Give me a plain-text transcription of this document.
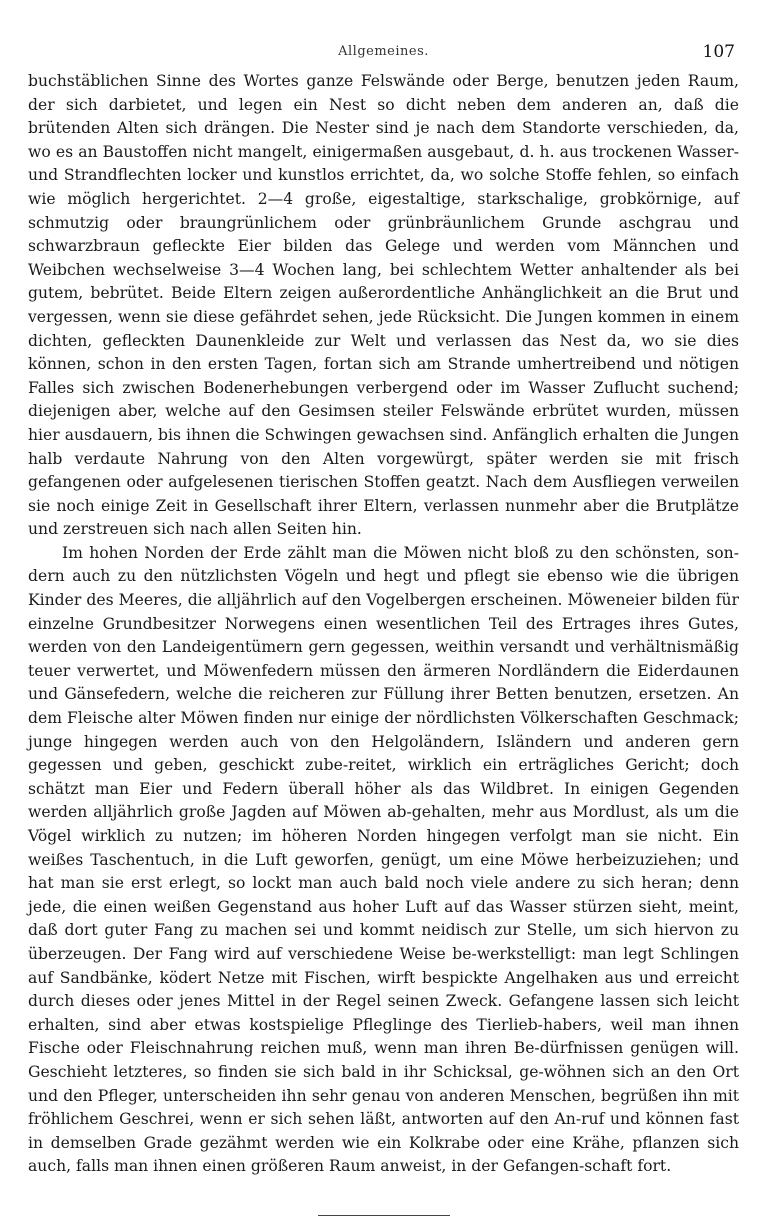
Allgemeines.	107

buchstäblichen Sinne des Wortes ganze Felswände oder Berge, benutzen jeden Raum, der sich darbietet, und legen ein Nest so dicht neben dem anderen an, daß die brütenden Alten sich drängen. Die Nester sind je nach dem Standorte verschieden, da, wo es an Baustoffen nicht mangelt, einigermaßen ausgebaut, d. h. aus trockenen Wasser- und Strandflechten locker und kunstlos errichtet, da, wo solche Stoffe fehlen, so einfach wie möglich hergerichtet. 2—4 große, eigestaltige, starkschalige, grobkörnige, auf schmutzig oder braungrünlichem oder grünbräunlichem Grunde aschgrau und schwarzbraun gefleckte Eier bilden das Gelege und werden vom Männchen und Weibchen wechselweise 3—4 Wochen lang, bei schlechtem Wetter anhaltender als bei gutem, bebrütet. Beide Eltern zeigen außerordentliche Anhänglichkeit an die Brut und vergessen, wenn sie diese gefährdet sehen, jede Rücksicht. Die Jungen kommen in einem dichten, gefleckten Daunenkleide zur Welt und verlassen das Nest da, wo sie dies können, schon in den ersten Tagen, fortan sich am Strande umhertreibend und nötigen Falles sich zwischen Bodenerhebungen verbergend oder im Wasser Zuflucht suchend; diejenigen aber, welche auf den Gesimsen steiler Felswände erbrütet wurden, müssen hier ausdauern, bis ihnen die Schwingen gewachsen sind. Anfänglich erhalten die Jungen halb verdaute Nahrung von den Alten vorgewürgt, später werden sie mit frisch gefangenen oder aufgelesenen tierischen Stoffen geatzt. Nach dem Ausfliegen verweilen sie noch einige Zeit in Gesellschaft ihrer Eltern, verlassen nunmehr aber die Brutplätze und zerstreuen sich nach allen Seiten hin.

Im hohen Norden der Erde zählt man die Möwen nicht bloß zu den schönsten, son-dern auch zu den nützlichsten Vögeln und hegt und pflegt sie ebenso wie die übrigen Kinder des Meeres, die alljährlich auf den Vogelbergen erscheinen. Möweneier bilden für einzelne Grundbesitzer Norwegens einen wesentlichen Teil des Ertrages ihres Gutes, werden von den Landeigentümern gern gegessen, weithin versandt und verhältnismäßig teuer verwertet, und Möwenfedern müssen den ärmeren Nordländern die Eiderdaunen und Gänsefedern, welche die reicheren zur Füllung ihrer Betten benutzen, ersetzen. An dem Fleische alter Möwen finden nur einige der nördlichsten Völkerschaften Geschmack; junge hingegen werden auch von den Helgoländern, Isländern und anderen gern gegessen und geben, geschickt zube-reitet, wirklich ein erträgliches Gericht; doch schätzt man Eier und Federn überall höher als das Wildbret. In einigen Gegenden werden alljährlich große Jagden auf Möwen ab-gehalten, mehr aus Mordlust, als um die Vögel wirklich zu nutzen; im höheren Norden hingegen verfolgt man sie nicht. Ein weißes Taschentuch, in die Luft geworfen, genügt, um eine Möwe herbeizuziehen; und hat man sie erst erlegt, so lockt man auch bald noch viele andere zu sich heran; denn jede, die einen weißen Gegenstand aus hoher Luft auf das Wasser stürzen sieht, meint, daß dort guter Fang zu machen sei und kommt neidisch zur Stelle, um sich hiervon zu überzeugen. Der Fang wird auf verschiedene Weise be-werkstelligt: man legt Schlingen auf Sandbänke, ködert Netze mit Fischen, wirft bespickte Angelhaken aus und erreicht durch dieses oder jenes Mittel in der Regel seinen Zweck. Gefangene lassen sich leicht erhalten, sind aber etwas kostspielige Pfleglinge des Tierlieb-habers, weil man ihnen Fische oder Fleischnahrung reichen muß, wenn man ihren Be-dürfnissen genügen will. Geschieht letzteres, so finden sie sich bald in ihr Schicksal, ge-wöhnen sich an den Ort und den Pfleger, unterscheiden ihn sehr genau von anderen Menschen, begrüßen ihn mit fröhlichem Geschrei, wenn er sich sehen läßt, antworten auf den An-ruf und können fast in demselben Grade gezähmt werden wie ein Kolkrabe oder eine Krähe, pflanzen sich auch, falls man ihnen einen größeren Raum anweist, in der Gefangen-schaft fort.
